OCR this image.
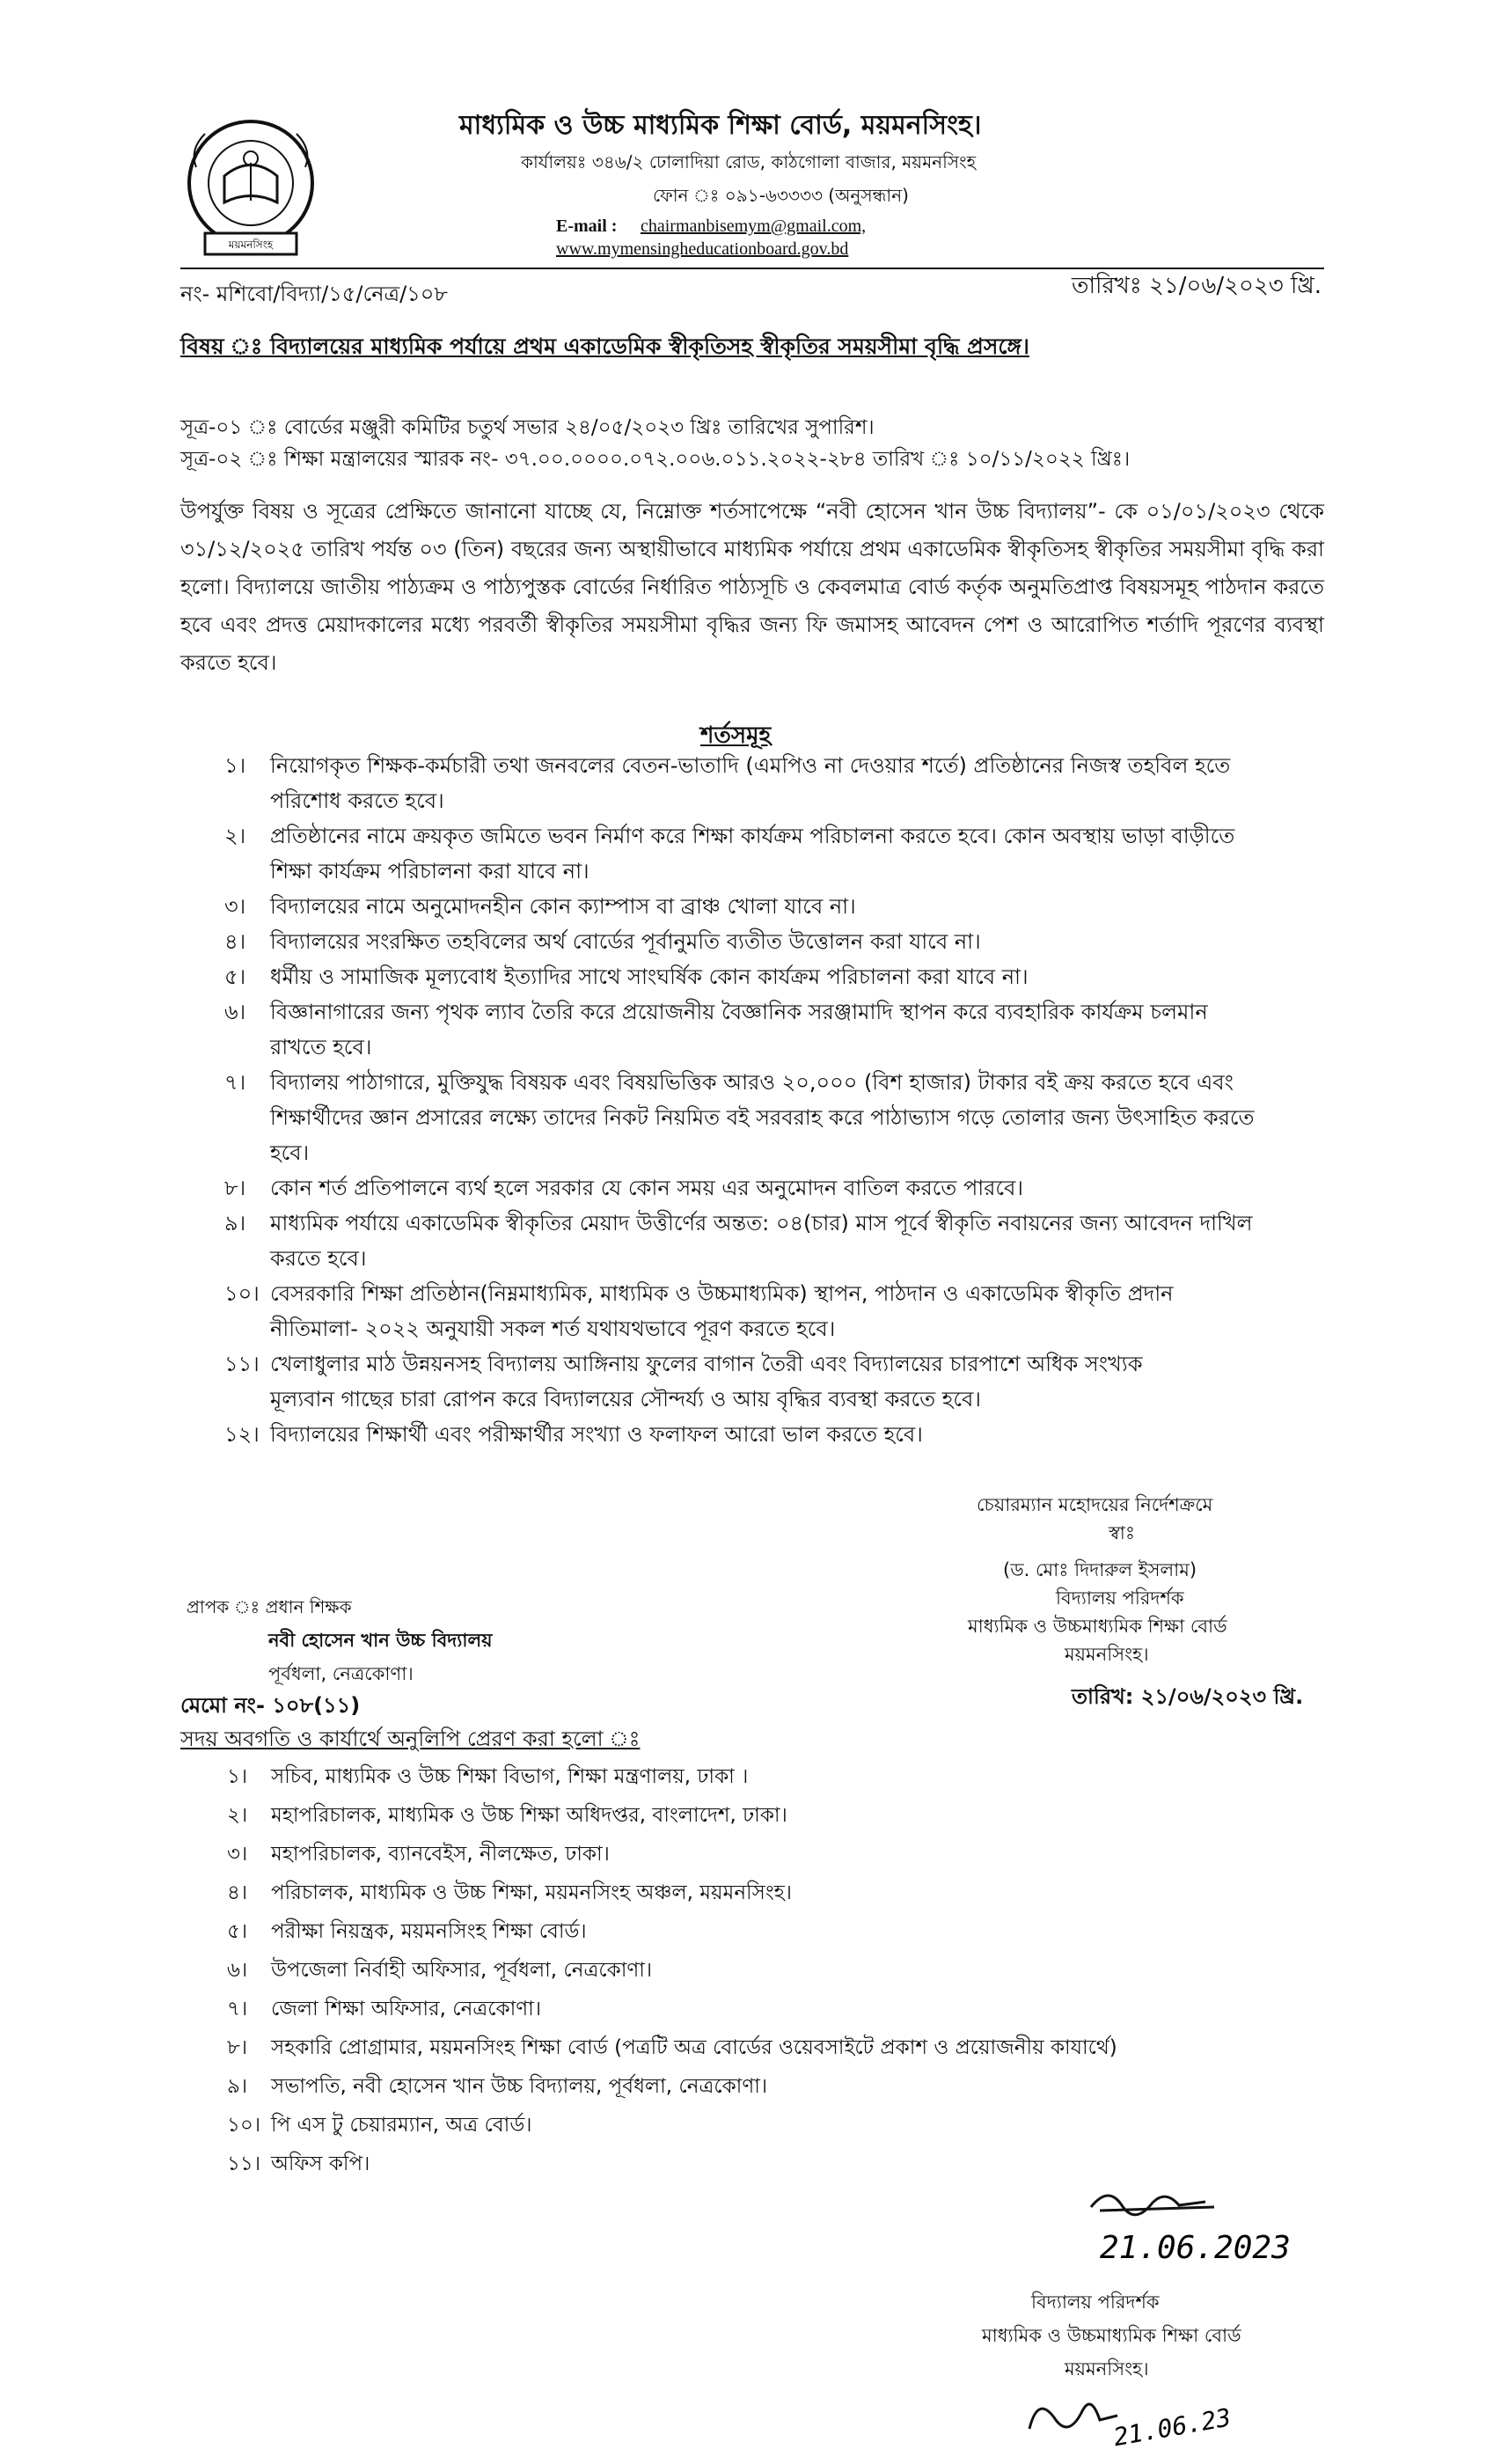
ময়মনসিংহ
মাধ্যমিক ও উচ্চ মাধ্যমিক শিক্ষা বোর্ড, ময়মনসিংহ।
কার্যালয়ঃ ৩৪৬/২ ঢোলাদিয়া রোড, কাঠগোলা বাজার, ময়মনসিংহ
ফোন ঃ ০৯১-৬৩৩৩৩ (অনুসন্ধান)
E-mail : chairmanbisemym@gmail.com,
www.mymensingheducationboard.gov.bd
নং- মশিবো/বিদ্যা/১৫/নেত্র/১০৮	তারিখঃ ২১/০৬/২০২৩ খ্রি.
বিষয় ঃ বিদ্যালয়ের মাধ্যমিক পর্যায়ে প্রথম একাডেমিক স্বীকৃতিসহ স্বীকৃতির সময়সীমা বৃদ্ধি প্রসঙ্গে।
সূত্র-০১ ঃ বোর্ডের মঞ্জুরী কমিটির চতুর্থ সভার ২৪/০৫/২০২৩ খ্রিঃ তারিখের সুপারিশ।
সূত্র-০২ ঃ শিক্ষা মন্ত্রালয়ের স্মারক নং- ৩৭.০০.০০০০.০৭২.০০৬.০১১.২০২২-২৮৪ তারিখ ঃ ১০/১১/২০২২ খ্রিঃ।
উপর্যুক্ত বিষয় ও সূত্রের প্রেক্ষিতে জানানো যাচ্ছে যে, নিম্নোক্ত শর্তসাপেক্ষে “নবী হোসেন খান উচ্চ বিদ্যালয়”- কে ০১/০১/২০২৩ থেকে ৩১/১২/২০২৫ তারিখ পর্যন্ত ০৩ (তিন) বছরের জন্য অস্থায়ীভাবে মাধ্যমিক পর্যায়ে প্রথম একাডেমিক স্বীকৃতিসহ স্বীকৃতির সময়সীমা বৃদ্ধি করা হলো। বিদ্যালয়ে জাতীয় পাঠ্যক্রম ও পাঠ্যপুস্তক বোর্ডের নির্ধারিত পাঠ্যসূচি ও কেবলমাত্র বোর্ড কর্তৃক অনুমতিপ্রাপ্ত বিষয়সমূহ পাঠদান করতে হবে এবং প্রদত্ত মেয়াদকালের মধ্যে পরবর্তী স্বীকৃতির সময়সীমা বৃদ্ধির জন্য ফি জমাসহ আবেদন পেশ ও আরোপিত শর্তাদি পূরণের ব্যবস্থা করতে হবে।
শর্তসমূহ
১। নিয়োগকৃত শিক্ষক-কর্মচারী তথা জনবলের বেতন-ভাতাদি (এমপিও না দেওয়ার শর্তে) প্রতিষ্ঠানের নিজস্ব তহবিল হতে
পরিশোধ করতে হবে।
২। প্রতিষ্ঠানের নামে ক্রয়কৃত জমিতে ভবন নির্মাণ করে শিক্ষা কার্যক্রম পরিচালনা করতে হবে। কোন অবস্থায় ভাড়া বাড়ীতে
শিক্ষা কার্যক্রম পরিচালনা করা যাবে না।
৩। বিদ্যালয়ের নামে অনুমোদনহীন কোন ক্যাম্পাস বা ব্রাঞ্চ খোলা যাবে না।
৪। বিদ্যালয়ের সংরক্ষিত তহবিলের অর্থ বোর্ডের পূর্বানুমতি ব্যতীত উত্তোলন করা যাবে না।
৫। ধর্মীয় ও সামাজিক মূল্যবোধ ইত্যাদির সাথে সাংঘর্ষিক কোন কার্যক্রম পরিচালনা করা যাবে না।
৬। বিজ্ঞানাগারের জন্য পৃথক ল্যাব তৈরি করে প্রয়োজনীয় বৈজ্ঞানিক সরঞ্জামাদি স্থাপন করে ব্যবহারিক কার্যক্রম চলমান
রাখতে হবে।
৭। বিদ্যালয় পাঠাগারে, মুক্তিযুদ্ধ বিষয়ক এবং বিষয়ভিত্তিক আরও ২০,০০০ (বিশ হাজার) টাকার বই ক্রয় করতে হবে এবং
শিক্ষার্থীদের জ্ঞান প্রসারের লক্ষ্যে তাদের নিকট নিয়মিত বই সরবরাহ করে পাঠাভ্যাস গড়ে তোলার জন্য উৎসাহিত করতে
হবে।
৮। কোন শর্ত প্রতিপালনে ব্যর্থ হলে সরকার যে কোন সময় এর অনুমোদন বাতিল করতে পারবে।
৯। মাধ্যমিক পর্যায়ে একাডেমিক স্বীকৃতির মেয়াদ উত্তীর্ণের অন্তত: ০৪(চার) মাস পূর্বে স্বীকৃতি নবায়নের জন্য আবেদন দাখিল
করতে হবে।
১০। বেসরকারি শিক্ষা প্রতিষ্ঠান(নিম্নমাধ্যমিক, মাধ্যমিক ও উচ্চমাধ্যমিক) স্থাপন, পাঠদান ও একাডেমিক স্বীকৃতি প্রদান
নীতিমালা- ২০২২ অনুযায়ী সকল শর্ত যথাযথভাবে পূরণ করতে হবে।
১১। খেলাধুলার মাঠ উন্নয়নসহ বিদ্যালয় আঙ্গিনায় ফুলের বাগান তৈরী এবং বিদ্যালয়ের চারপাশে অধিক সংখ্যক
মূল্যবান গাছের চারা রোপন করে বিদ্যালয়ের সৌন্দর্য্য ও আয় বৃদ্ধির ব্যবস্থা করতে হবে।
১২। বিদ্যালয়ের শিক্ষার্থী এবং পরীক্ষার্থীর সংখ্যা ও ফলাফল আরো ভাল করতে হবে।
চেয়ারম্যান মহোদয়ের নির্দেশক্রমে
স্বাঃ
(ড. মোঃ দিদারুল ইসলাম)
বিদ্যালয় পরিদর্শক
মাধ্যমিক ও উচ্চমাধ্যমিক শিক্ষা বোর্ড
ময়মনসিংহ।
তারিখ: ২১/০৬/২০২৩ খ্রি.
প্রাপক ঃ প্রধান শিক্ষক
নবী হোসেন খান উচ্চ বিদ্যালয়
পূর্বধলা, নেত্রকোণা।
মেমো নং- ১০৮(১১)
সদয় অবগতি ও কার্যার্থে অনুলিপি প্রেরণ করা হলো ঃ
১। সচিব, মাধ্যমিক ও উচ্চ শিক্ষা বিভাগ, শিক্ষা মন্ত্রণালয়, ঢাকা ।
২। মহাপরিচালক, মাধ্যমিক ও উচ্চ শিক্ষা অধিদপ্তর, বাংলাদেশ, ঢাকা।
৩। মহাপরিচালক, ব্যানবেইস, নীলক্ষেত, ঢাকা।
৪। পরিচালক, মাধ্যমিক ও উচ্চ শিক্ষা, ময়মনসিংহ অঞ্চল, ময়মনসিংহ।
৫। পরীক্ষা নিয়ন্ত্রক, ময়মনসিংহ শিক্ষা বোর্ড।
৬। উপজেলা নির্বাহী অফিসার, পূর্বধলা, নেত্রকোণা।
৭। জেলা শিক্ষা অফিসার, নেত্রকোণা।
৮। সহকারি প্রোগ্রামার, ময়মনসিংহ শিক্ষা বোর্ড (পত্রটি অত্র বোর্ডের ওয়েবসাইটে প্রকাশ ও প্রয়োজনীয় কাযার্থে)
৯। সভাপতি, নবী হোসেন খান উচ্চ বিদ্যালয়, পূর্বধলা, নেত্রকোণা।
১০। পি এস টু চেয়ারম্যান, অত্র বোর্ড।
১১। অফিস কপি।
21.06.2023
বিদ্যালয় পরিদর্শক
মাধ্যমিক ও উচ্চমাধ্যমিক শিক্ষা বোর্ড
ময়মনসিংহ।
21.06.23
